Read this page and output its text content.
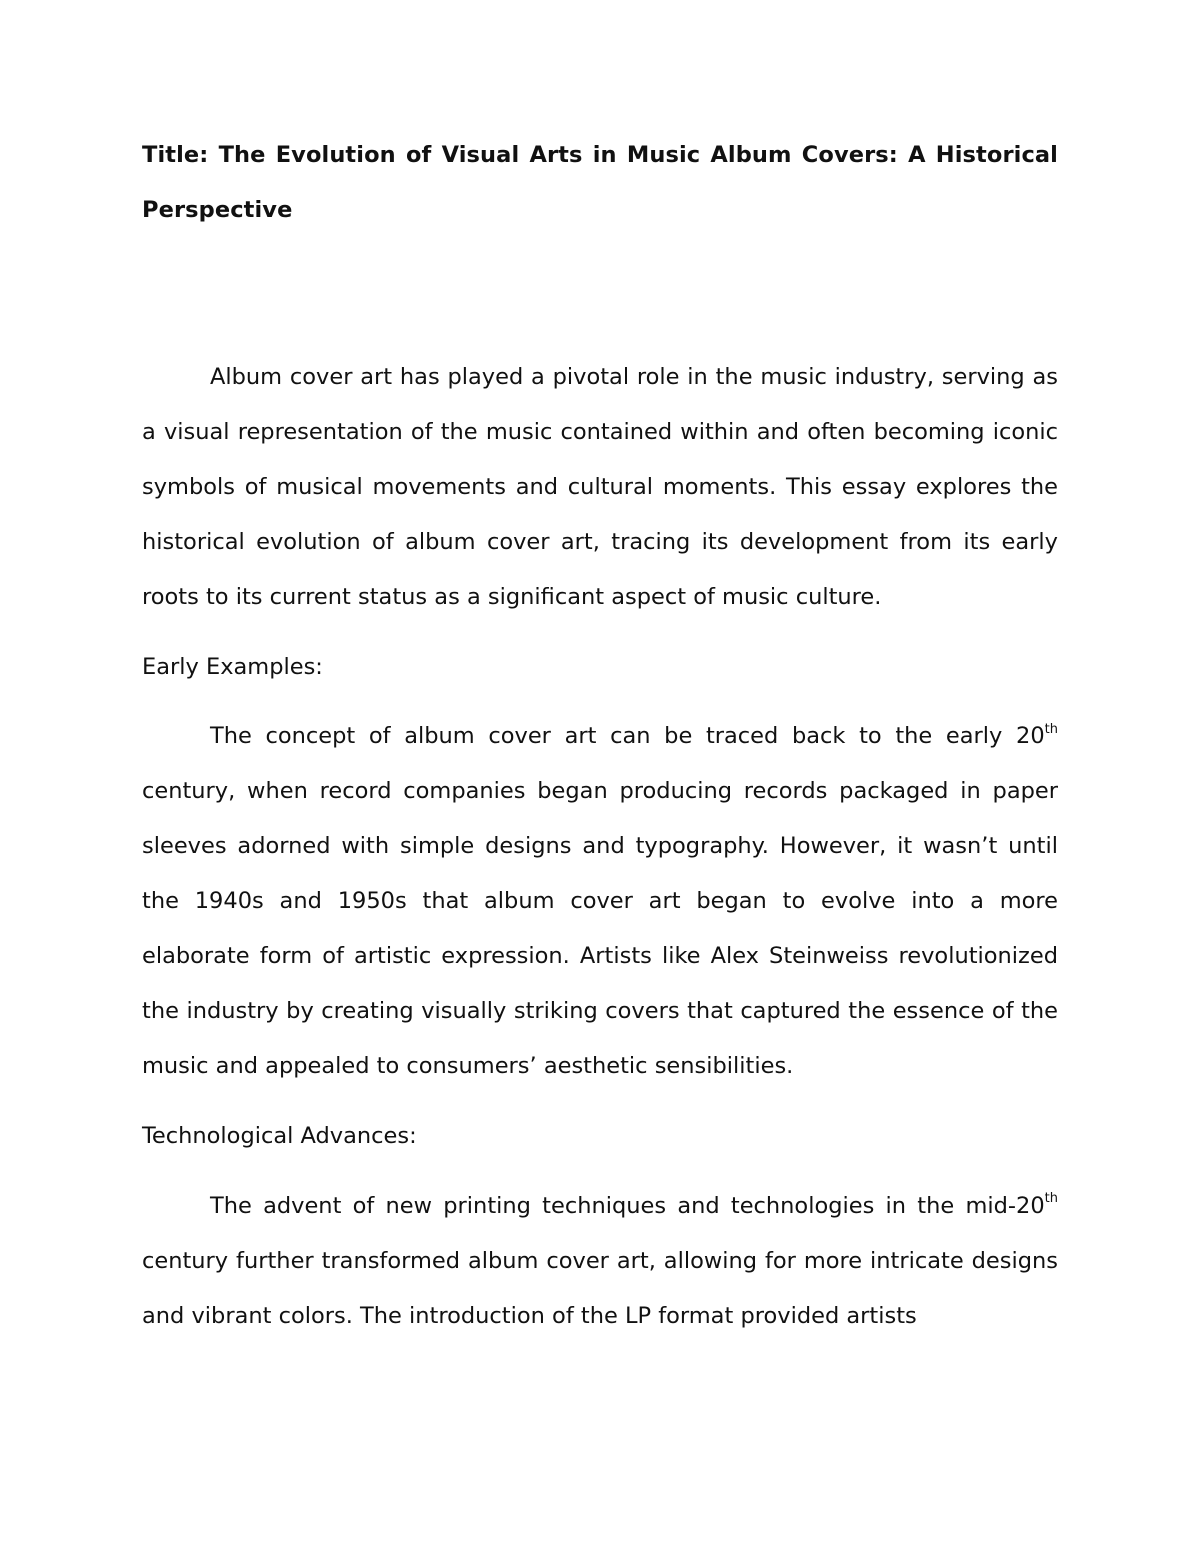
Title: The Evolution of Visual Arts in Music Album Covers: A Historical Perspective

Album cover art has played a pivotal role in the music industry, serving as a visual representation of the music contained within and often becoming iconic symbols of musical movements and cultural moments. This essay explores the historical evolution of album cover art, tracing its development from its early roots to its current status as a significant aspect of music culture.

Early Examples:

The concept of album cover art can be traced back to the early 20th century, when record companies began producing records packaged in paper sleeves adorned with simple designs and typography. However, it wasn’t until the 1940s and 1950s that album cover art began to evolve into a more elaborate form of artistic expression. Artists like Alex Steinweiss revolutionized the industry by creating visually striking covers that captured the essence of the music and appealed to consumers’ aesthetic sensibilities.

Technological Advances:

The advent of new printing techniques and technologies in the mid-20th century further transformed album cover art, allowing for more intricate designs and vibrant colors. The introduction of the LP format provided artists
